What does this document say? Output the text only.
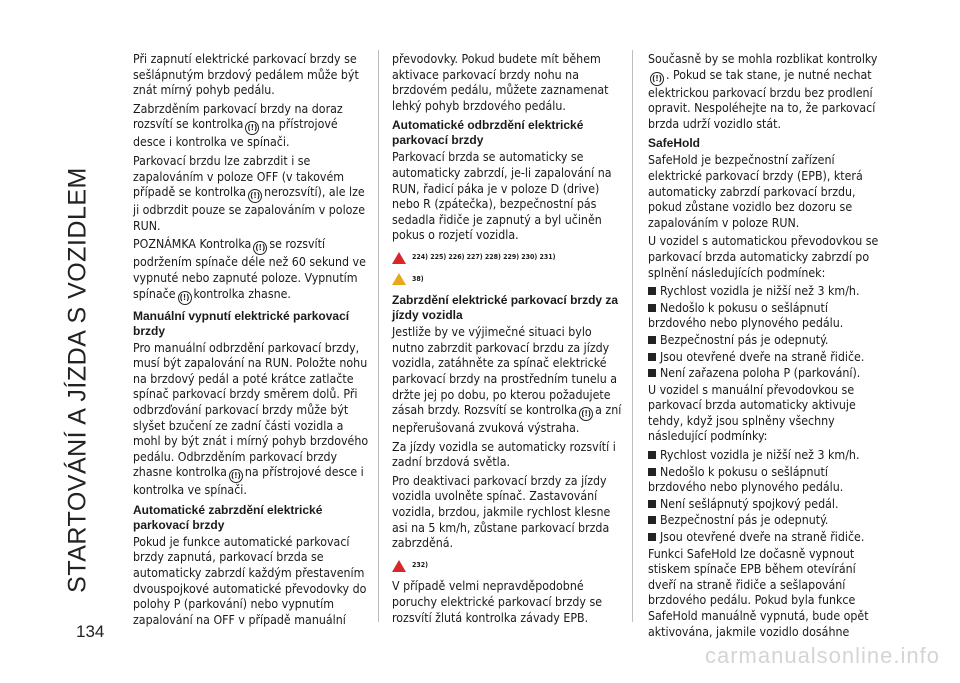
STARTOVÁNÍ A JÍZDA S VOZIDLEM
134

Při zapnutí elektrické parkovací brzdy se sešlápnutým brzdový pedálem může být znát mírný pohyb pedálu.

Zabrzděním parkovací brzdy na doraz rozsvítí se kontrolka (!) na přístrojové desce i kontrolka ve spínači.

Parkovací brzdu lze zabrzdit i se zapalováním v poloze OFF (v takovém případě se kontrolka (!) nerozsvítí), ale lze ji odbrzdit pouze se zapalováním v poloze RUN.

POZNÁMKA Kontrolka (!) se rozsvítí podržením spínače déle než 60 sekund ve vypnuté nebo zapnuté poloze. Vypnutím spínače (!) kontrolka zhasne.

Manuální vypnutí elektrické parkovací brzdy

Pro manuální odbrzdění parkovací brzdy, musí být zapalování na RUN. Položte nohu na brzdový pedál a poté krátce zatlačte spínač parkovací brzdy směrem dolů. Při odbrzďování parkovací brzdy může být slyšet bzučení ze zadní části vozidla a mohl by být znát i mírný pohyb brzdového pedálu. Odbrzděním parkovací brzdy zhasne kontrolka (!) na přístrojové desce i kontrolka ve spínači.

Automatické zabrzdění elektrické parkovací brzdy

Pokud je funkce automatické parkovací brzdy zapnutá, parkovací brzda se automaticky zabrzdí každým přestavením dvouspojkové automatické převodovky do polohy P (parkování) nebo vypnutím zapalování na OFF v případě manuální

převodovky. Pokud budete mít během aktivace parkovací brzdy nohu na brzdovém pedálu, můžete zaznamenat lehký pohyb brzdového pedálu.

Automatické odbrzdění elektrické parkovací brzdy

Parkovací brzda se automaticky se automaticky zabrzdí, je-li zapalování na RUN, řadicí páka je v poloze D (drive) nebo R (zpátečka), bezpečnostní pás sedadla řidiče je zapnutý a byl učiněn pokus o rozjetí vozidla.

224) 225) 226) 227) 228) 229) 230) 231)
38)
Zabrzdění elektrické parkovací brzdy za jízdy vozidla

Jestliže by ve výjimečné situaci bylo nutno zabrzdit parkovací brzdu za jízdy vozidla, zatáhněte za spínač elektrické parkovací brzdy na prostředním tunelu a držte jej po dobu, po kterou požadujete zásah brzdy. Rozsvítí se kontrolka (!) a zní nepřerušovaná zvuková výstraha.

Za jízdy vozidla se automaticky rozsvítí i zadní brzdová světla.

Pro deaktivaci parkovací brzdy za jízdy vozidla uvolněte spínač. Zastavování vozidla, brzdou, jakmile rychlost klesne asi na 5 km/h, zůstane parkovací brzda zabrzděná.

232)

V případě velmi nepravděpodobné poruchy elektrické parkovací brzdy se rozsvítí žlutá kontrolka závady EPB.

Současně by se mohla rozblikat kontrolky(!) . Pokud se tak stane, je nutné nechat elektrickou parkovací brzdu bez prodlení opravit. Nespoléhejte na to, že parkovací brzda udrží vozidlo stát.

SafeHold

SafeHold je bezpečnostní zařízení elektrické parkovací brzdy (EPB), která automaticky zabrzdí parkovací brzdu, pokud zůstane vozidlo bez dozoru se zapalováním v poloze RUN.

U vozidel s automatickou převodovkou se parkovací brzda automaticky zabrzdí po splnění následujících podmínek:

Rychlost vozidla je nižší než 3 km/h.
Nedošlo k pokusu o sešlápnutí brzdového nebo plynového pedálu.
Bezpečnostní pás je odepnutý.
Jsou otevřené dveře na straně řidiče.
Není zařazena poloha P (parkování).

U vozidel s manuální převodovkou se parkovací brzda automaticky aktivuje tehdy, když jsou splněny všechny následující podmínky:

Rychlost vozidla je nižší než 3 km/h.
Nedošlo k pokusu o sešlápnutí brzdového nebo plynového pedálu.
Není sešlápnutý spojkový pedál.
Bezpečnostní pás je odepnutý.
Jsou otevřené dveře na straně řidiče.

Funkci SafeHold lze dočasně vypnout stiskem spínače EPB během otevírání dveří na straně řidiče a sešlapování brzdového pedálu. Pokud byla funkce SafeHold manuálně vypnutá, bude opět aktivována, jakmile vozidlo dosáhne

carmanualsonline.info
